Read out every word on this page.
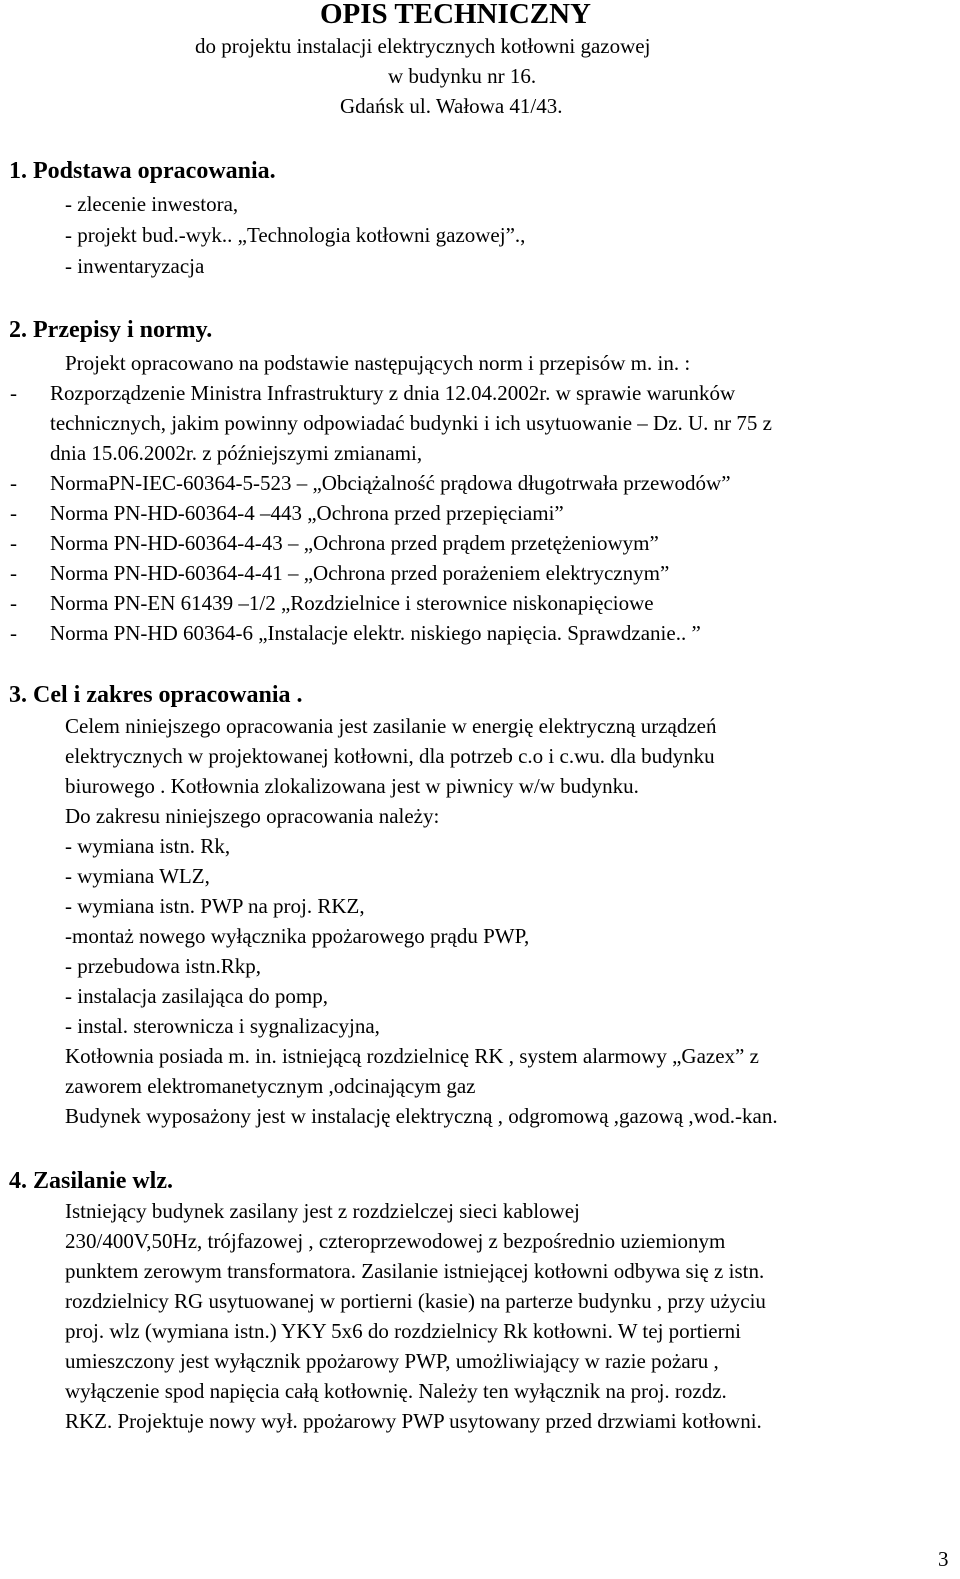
OPIS TECHNICZNY
do projektu instalacji elektrycznych kotłowni gazowej
w budynku nr 16.
Gdańsk ul. Wałowa 41/43.
1. Podstawa opracowania.
- zlecenie inwestora,
- projekt bud.-wyk.. „Technologia kotłowni gazowej”.,
- inwentaryzacja
2. Przepisy i normy.
Projekt opracowano na podstawie następujących norm i przepisów m. in. :
- Rozporządzenie Ministra Infrastruktury z dnia 12.04.2002r. w sprawie warunków
technicznych, jakim powinny odpowiadać budynki i ich usytuowanie – Dz. U. nr 75 z
dnia 15.06.2002r. z późniejszymi zmianami,
- NormaPN-IEC-60364-5-523 – „Obciążalność prądowa długotrwała przewodów”
- Norma PN-HD-60364-4 –443 „Ochrona przed przepięciami”
- Norma PN-HD-60364-4-43 – „Ochrona przed prądem przetężeniowym”
- Norma PN-HD-60364-4-41 – „Ochrona przed porażeniem elektrycznym”
- Norma PN-EN 61439 –1/2 „Rozdzielnice i sterownice niskonapięciowe
- Norma PN-HD 60364-6 „Instalacje elektr. niskiego napięcia. Sprawdzanie.. ”
3. Cel i zakres opracowania .
Celem niniejszego opracowania jest zasilanie w energię elektryczną urządzeń
elektrycznych w projektowanej kotłowni, dla potrzeb c.o i c.wu. dla budynku
biurowego . Kotłownia zlokalizowana jest w piwnicy w/w budynku.
Do zakresu niniejszego opracowania należy:
- wymiana istn. Rk,
- wymiana WLZ,
- wymiana istn. PWP na proj. RKZ,
-montaż nowego wyłącznika ppożarowego prądu PWP,
- przebudowa istn.Rkp,
- instalacja zasilająca do pomp,
- instal. sterownicza i sygnalizacyjna,
Kotłownia posiada m. in. istniejącą rozdzielnicę RK , system alarmowy „Gazex” z
zaworem elektromanetycznym ,odcinającym gaz
Budynek wyposażony jest w instalację elektryczną , odgromową ,gazową ,wod.-kan.
4. Zasilanie wlz.
Istniejący budynek zasilany jest z rozdzielczej sieci kablowej
230/400V,50Hz, trójfazowej , czteroprzewodowej z bezpośrednio uziemionym
punktem zerowym transformatora. Zasilanie istniejącej kotłowni odbywa się z istn.
rozdzielnicy RG usytuowanej w portierni (kasie) na parterze budynku , przy użyciu
proj. wlz (wymiana istn.) YKY 5x6 do rozdzielnicy Rk kotłowni. W tej portierni
umieszczony jest wyłącznik ppożarowy PWP, umożliwiający w razie pożaru ,
wyłączenie spod napięcia całą kotłownię. Należy ten wyłącznik na proj. rozdz.
RKZ. Projektuje nowy wył. ppożarowy PWP usytowany przed drzwiami kotłowni.
3
